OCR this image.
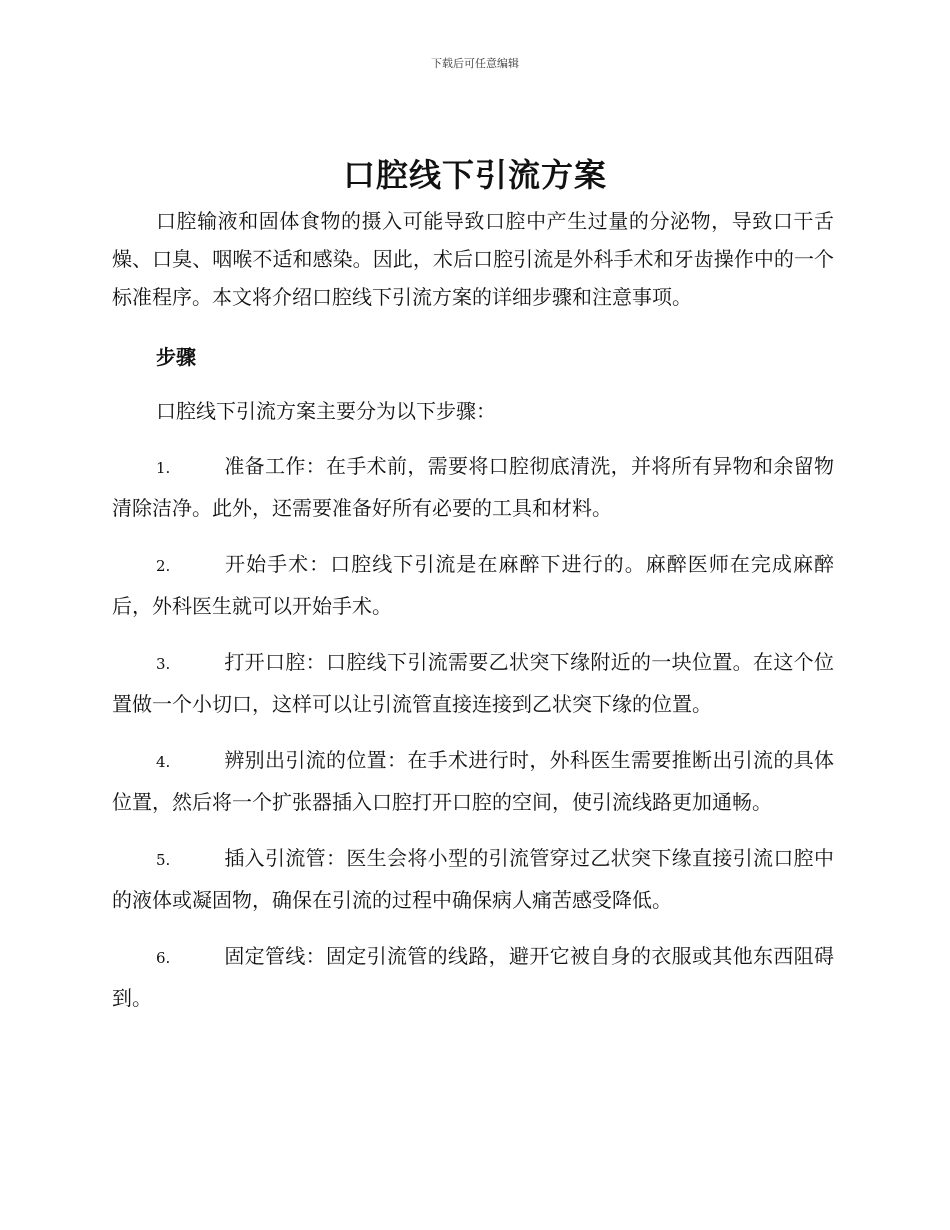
下载后可任意编辑
口腔线下引流方案

口腔输液和固体食物的摄入可能导致口腔中产生过量的分泌物，导致口干舌燥、口臭、咽喉不适和感染。因此，术后口腔引流是外科手术和牙齿操作中的一个标准程序。本文将介绍口腔线下引流方案的详细步骤和注意事项。

步骤

口腔线下引流方案主要分为以下步骤：

1.	准备工作：在手术前，需要将口腔彻底清洗，并将所有异物和余留物清除洁净。此外，还需要准备好所有必要的工具和材料。
2.	开始手术：口腔线下引流是在麻醉下进行的。麻醉医师在完成麻醉后，外科医生就可以开始手术。
3.	打开口腔：口腔线下引流需要乙状突下缘附近的一块位置。在这个位置做一个小切口，这样可以让引流管直接连接到乙状突下缘的位置。
4.	辨别出引流的位置：在手术进行时，外科医生需要推断出引流的具体位置，然后将一个扩张器插入口腔打开口腔的空间，使引流线路更加通畅。
5.	插入引流管：医生会将小型的引流管穿过乙状突下缘直接引流口腔中的液体或凝固物，确保在引流的过程中确保病人痛苦感受降低。
6.	固定管线：固定引流管的线路，避开它被自身的衣服或其他东西阻碍到。
